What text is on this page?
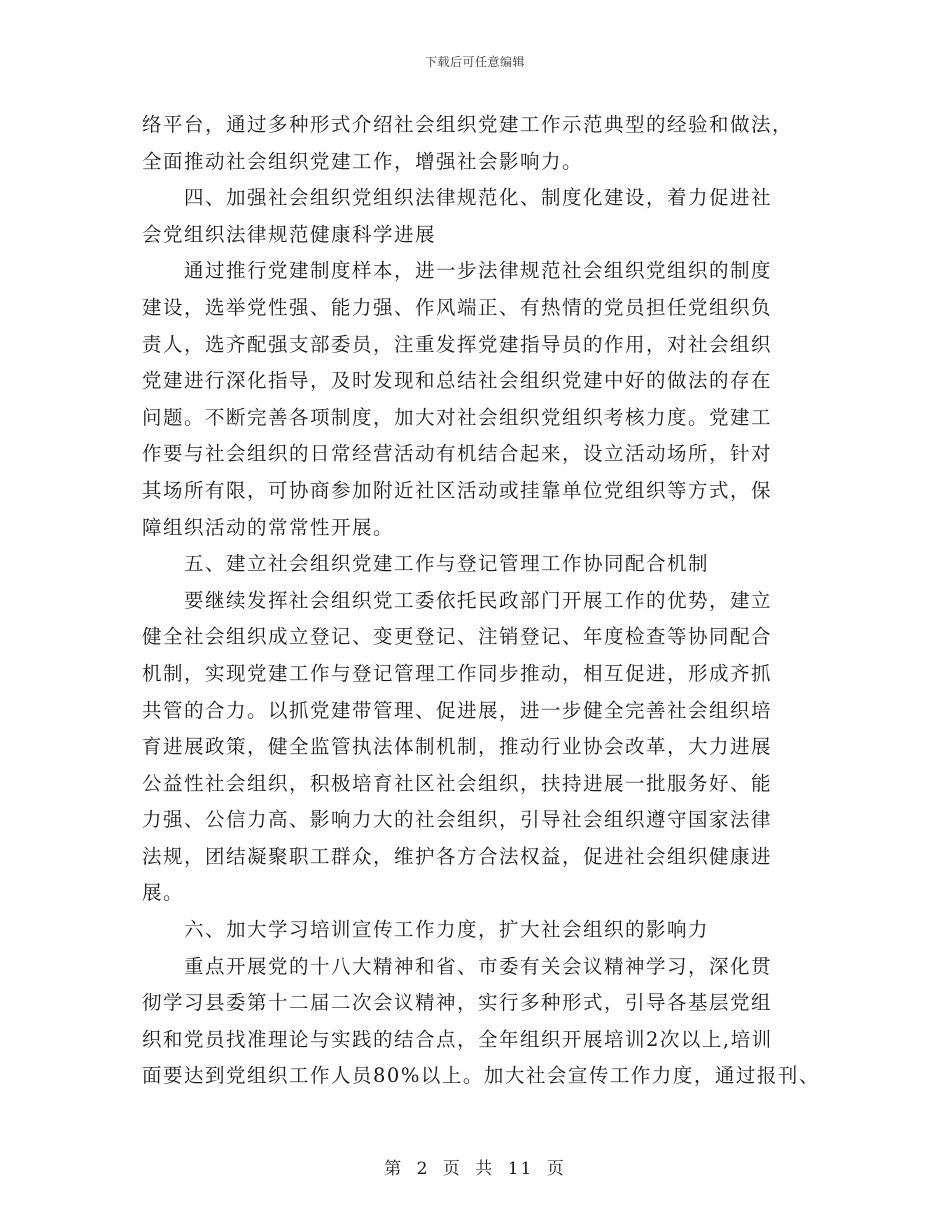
下载后可任意编辑
络平台，通过多种形式介绍社会组织党建工作示范典型的经验和做法，
全面推动社会组织党建工作，增强社会影响力。
四、加强社会组织党组织法律规范化、制度化建设，着力促进社
会党组织法律规范健康科学进展
通过推行党建制度样本，进一步法律规范社会组织党组织的制度
建设，选举党性强、能力强、作风端正、有热情的党员担任党组织负
责人，选齐配强支部委员，注重发挥党建指导员的作用，对社会组织
党建进行深化指导，及时发现和总结社会组织党建中好的做法的存在
问题。不断完善各项制度，加大对社会组织党组织考核力度。党建工
作要与社会组织的日常经营活动有机结合起来，设立活动场所，针对
其场所有限，可协商参加附近社区活动或挂靠单位党组织等方式，保
障组织活动的常常性开展。
五、建立社会组织党建工作与登记管理工作协同配合机制
要继续发挥社会组织党工委依托民政部门开展工作的优势，建立
健全社会组织成立登记、变更登记、注销登记、年度检查等协同配合
机制，实现党建工作与登记管理工作同步推动，相互促进，形成齐抓
共管的合力。以抓党建带管理、促进展，进一步健全完善社会组织培
育进展政策，健全监管执法体制机制，推动行业协会改革，大力进展
公益性社会组织，积极培育社区社会组织，扶持进展一批服务好、能
力强、公信力高、影响力大的社会组织，引导社会组织遵守国家法律
法规，团结凝聚职工群众，维护各方合法权益，促进社会组织健康进
展。
六、加大学习培训宣传工作力度，扩大社会组织的影响力
重点开展党的十八大精神和省、市委有关会议精神学习，深化贯
彻学习县委第十二届二次会议精神，实行多种形式，引导各基层党组
织和党员找准理论与实践的结合点，全年组织开展培训2次以上,培训
面要达到党组织工作人员80%以上。加大社会宣传工作力度，通过报刊、
第 2 页 共 11 页
